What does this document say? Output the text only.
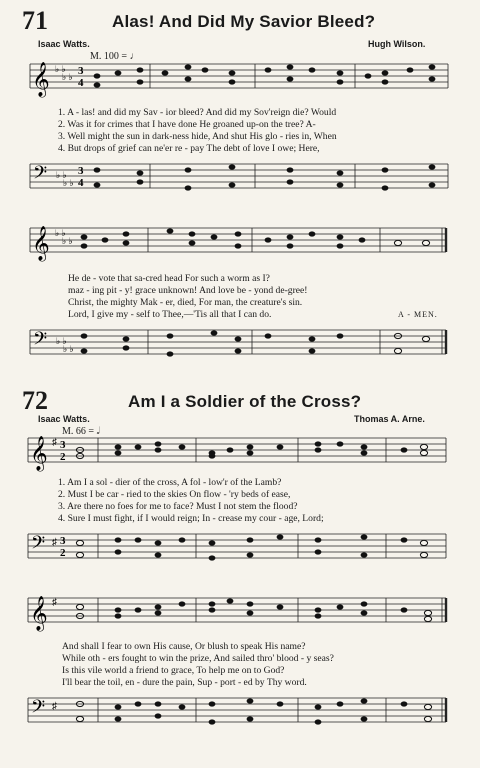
71	Alas! And Did My Savior Bleed?
Isaac Watts.	Hugh Wilson.
M. 100 = ♩
𝄞 ♭ ♭
♭ ♭ 3
4
1. A - las! and did my Sav - ior bleed? And did my Sov'reign die? Would
2. Was it for crimes that I have done He groaned up-on the tree? A-
3. Well might the sun in dark-ness hide, And shut His glo - ries in, When
4. But drops of grief can ne'er re - pay The debt of love I owe; Here,
𝄢 ♭ ♭
♭ ♭
3
4
𝄞 ♭ ♭
♭ ♭
He de - vote that sa-cred head For such a worm as I?
maz - ing pit - y! grace unknown! And love be - yond de-gree!
Christ, the mighty Mak - er, died, For man, the creature's sin.
Lord, I give my - self to Thee,—'Tis all that I can do.	A - MEN.
𝄢 ♭ ♭
♭ ♭
72	Am I a Soldier of the Cross?
Isaac Watts.	Thomas A. Arne.
M. 66 = 𝅗𝅥
𝄞 ♯ 3
2
1. Am I a sol - dier of the cross, A fol - low'r of the Lamb?
2. Must I be car - ried to the skies On flow - 'ry beds of ease,
3. Are there no foes for me to face? Must I not stem the flood?
4. Sure I must fight, if I would reign; In - crease my cour - age, Lord;
𝄢 ♯ 3
2
𝄞 ♯
And shall I fear to own His cause, Or blush to speak His name?
While oth - ers fought to win the prize, And sailed thro' blood - y seas?
Is this vile world a friend to grace, To help me on to God?
I'll bear the toil, en - dure the pain, Sup - port - ed by Thy word.
𝄢 ♯
